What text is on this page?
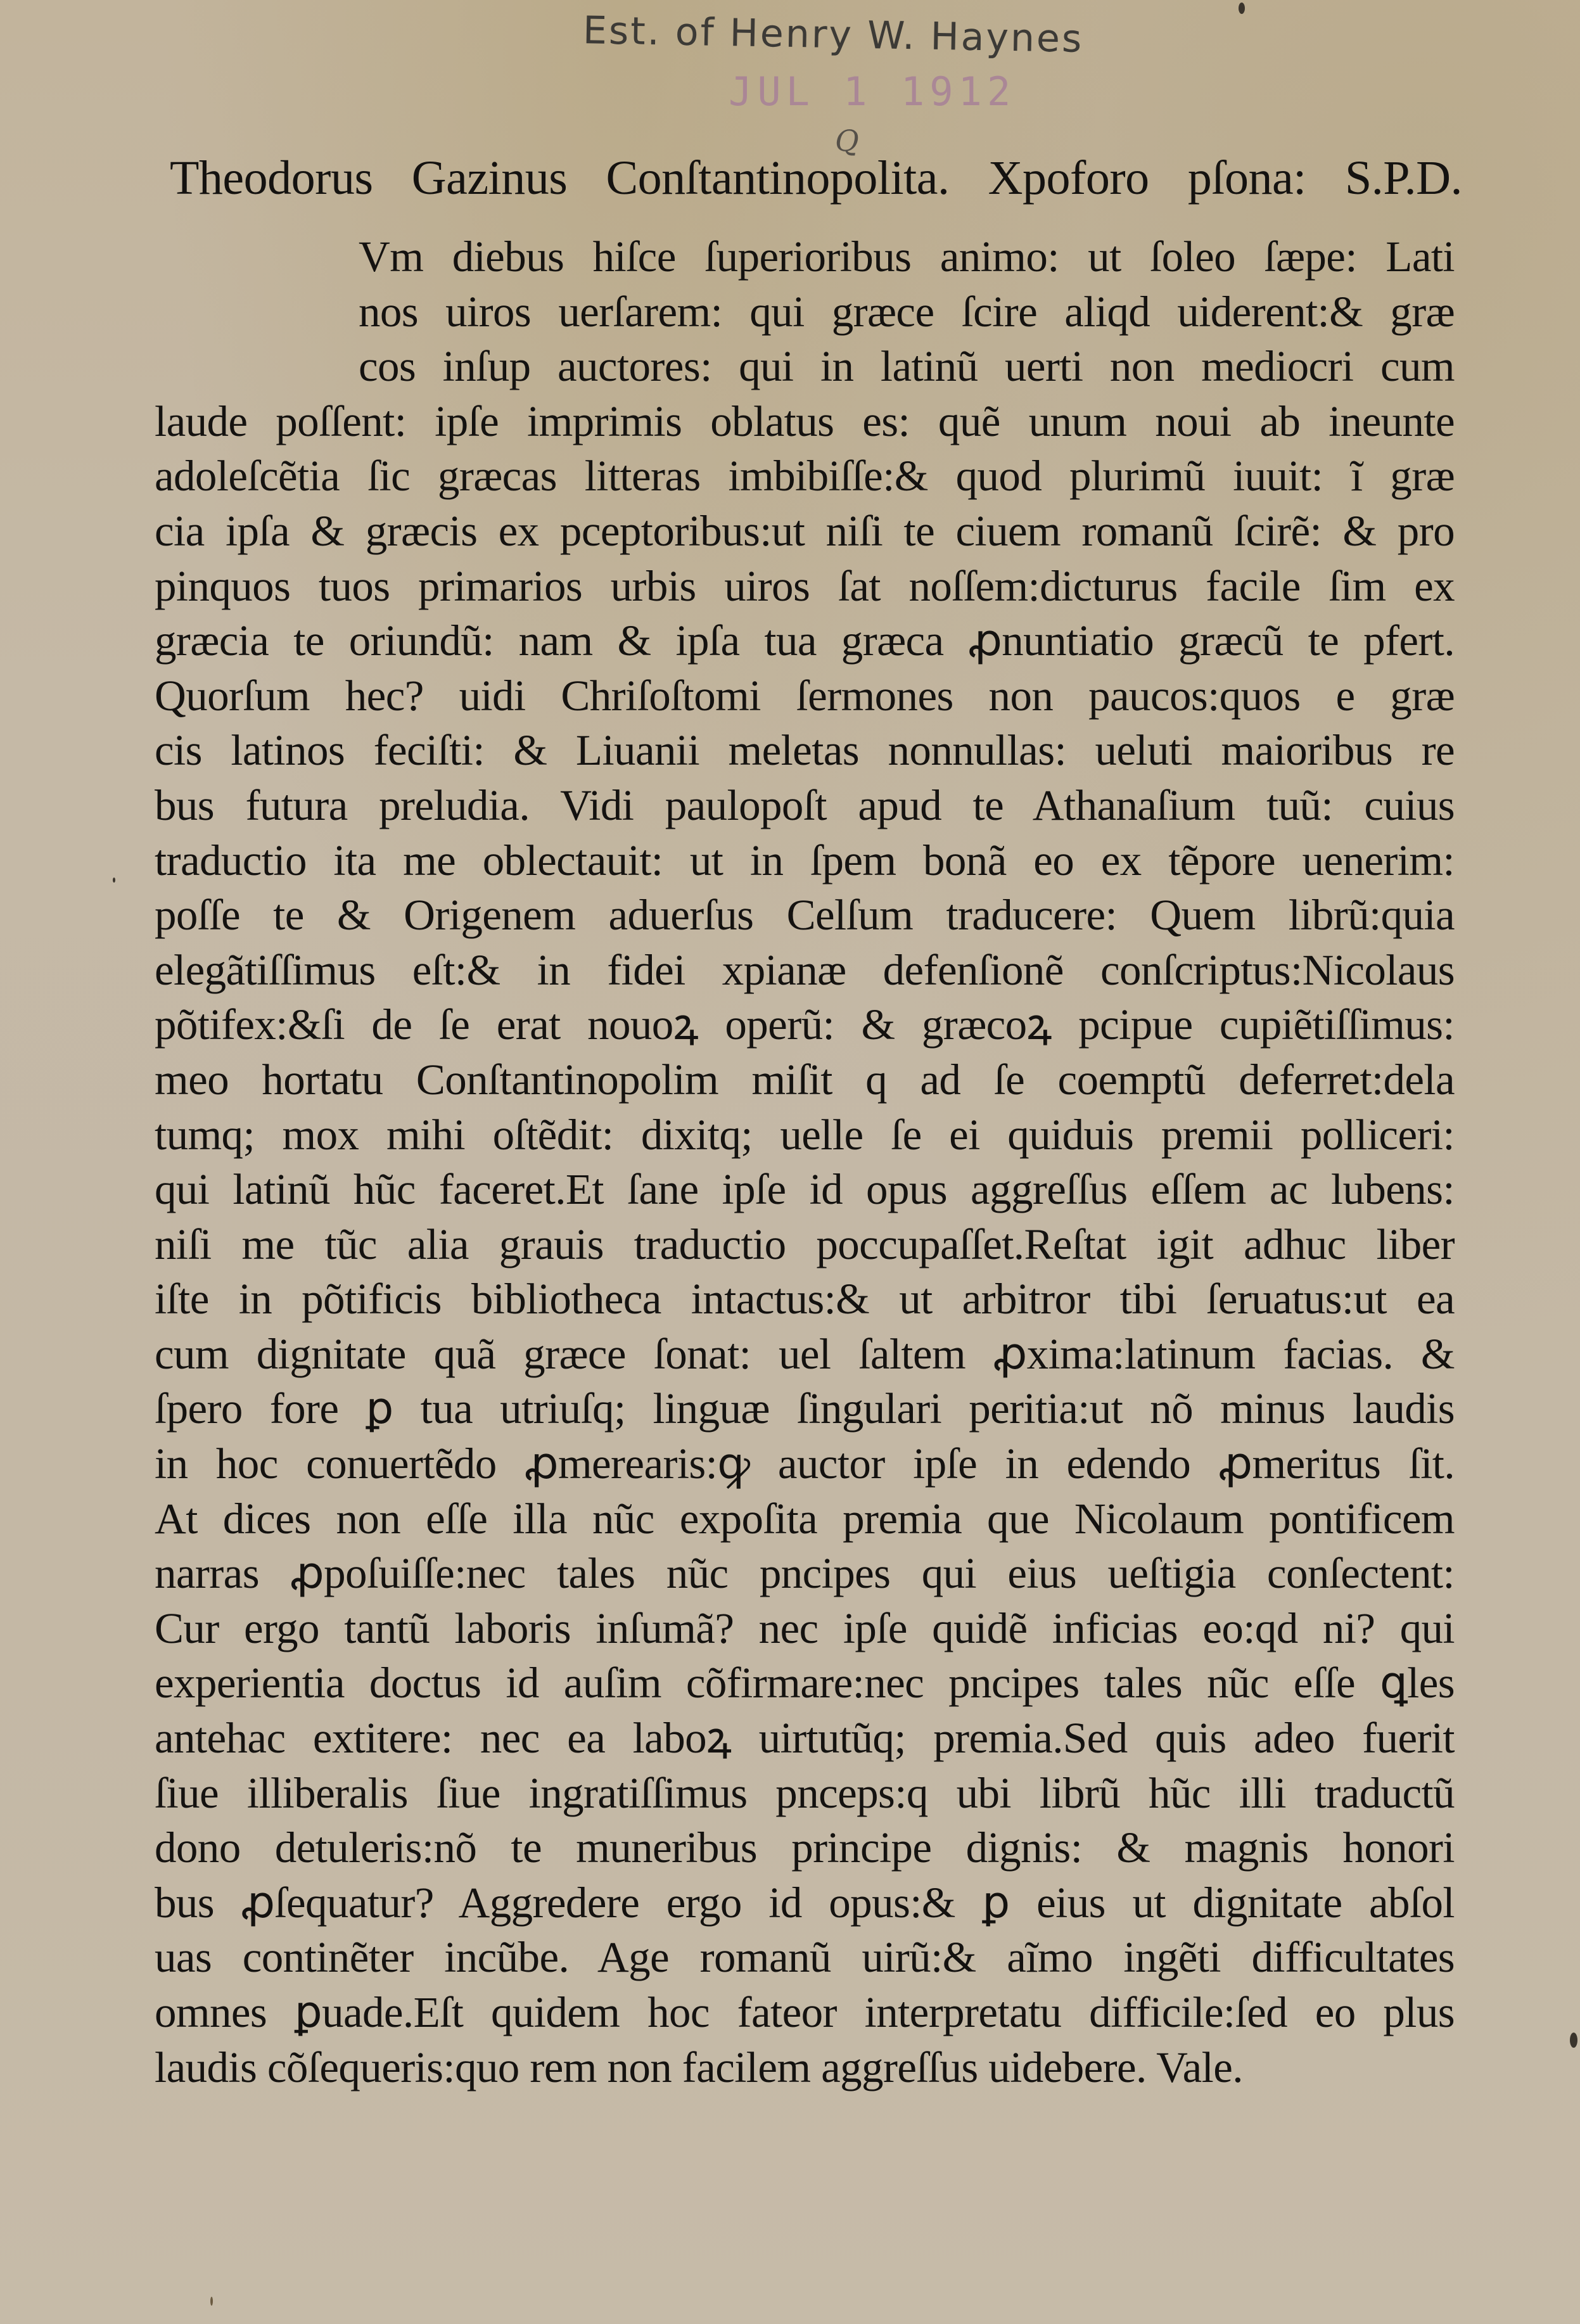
Est. of Henry W. Haynes
JUL 1 1912
Q
Theodorus Gazinus Conſtantinopolita. Xpoforo pſona: S.P.D.
Vm diebus hiſce ſuperioribus animo: ut ſoleo ſæpe: Lati
nos uiros uerſarem: qui græce ſcire aliqd uiderent:& græ
cos inſup auctores: qui in latinũ uerti non mediocri cum
laude poſſent: ipſe imprimis oblatus es: quẽ unum noui ab ineunte
adoleſcẽtia ſic græcas litteras imbibiſſe:& quod plurimũ iuuit: ĩ græ
cia ipſa & græcis ex pceptoribus:ut niſi te ciuem romanũ ſcirẽ: & pro
pinquos tuos primarios urbis uiros ſat noſſem:dicturus facile ſim ex
græcia te oriundũ: nam & ipſa tua græca ꝓnuntiatio græcũ te pfert.
Quorſum hec? uidi Chriſoſtomi ſermones non paucos:quos e græ
cis latinos feciſti: & Liuanii meletas nonnullas: ueluti maioribus re
bus futura preludia. Vidi paulopoſt apud te Athanaſium tuũ: cuius
traductio ita me oblectauit: ut in ſpem bonã eo ex tẽpore uenerim:
poſſe te & Origenem aduerſus Celſum traducere: Quem librũ:quia
elegãtiſſimus eſt:& in fidei xpianæ defenſionẽ conſcriptus:Nicolaus
põtifex:&ſi de ſe erat nouoꝝ operũ: & græcoꝝ pcipue cupiẽtiſſimus:
meo hortatu Conſtantinopolim miſit q ad ſe coemptũ deferret:dela
tumq; mox mihi oſtẽdit: dixitq; uelle ſe ei quiduis premii polliceri:
qui latinũ hũc faceret.Et ſane ipſe id opus aggreſſus eſſem ac lubens:
niſi me tũc alia grauis traductio poccupaſſet.Reſtat igit adhuc liber
iſte in põtificis bibliotheca intactus:& ut arbitror tibi ſeruatus:ut ea
cum dignitate quã græce ſonat: uel ſaltem ꝓxima:latinum facias. &
ſpero fore ꝑ tua utriuſq; linguæ ſingulari peritia:ut nõ minus laudis
in hoc conuertẽdo ꝓmerearis:ꝙ auctor ipſe in edendo ꝓmeritus ſit.
At dices non eſſe illa nũc expoſita premia que Nicolaum pontificem
narras ꝓpoſuiſſe:nec tales nũc pncipes qui eius ueſtigia conſectent:
Cur ergo tantũ laboris inſumã? nec ipſe quidẽ inficias eo:qd ni? qui
experientia doctus id auſim cõfirmare:nec pncipes tales nũc eſſe ꝗles
antehac extitere: nec ea laboꝝ uirtutũq; premia.Sed quis adeo fuerit
ſiue illiberalis ſiue ingratiſſimus pnceps:q ubi librũ hũc illi traductũ
dono detuleris:nõ te muneribus principe dignis: & magnis honori
bus ꝓſequatur? Aggredere ergo id opus:& ꝑ eius ut dignitate abſol
uas continẽter incũbe. Age romanũ uirũ:& aĩmo ingẽti difficultates
omnes ꝑuade.Eſt quidem hoc fateor interpretatu difficile:ſed eo plus
laudis cõſequeris:quo rem non facilem aggreſſus uidebere. Vale.
